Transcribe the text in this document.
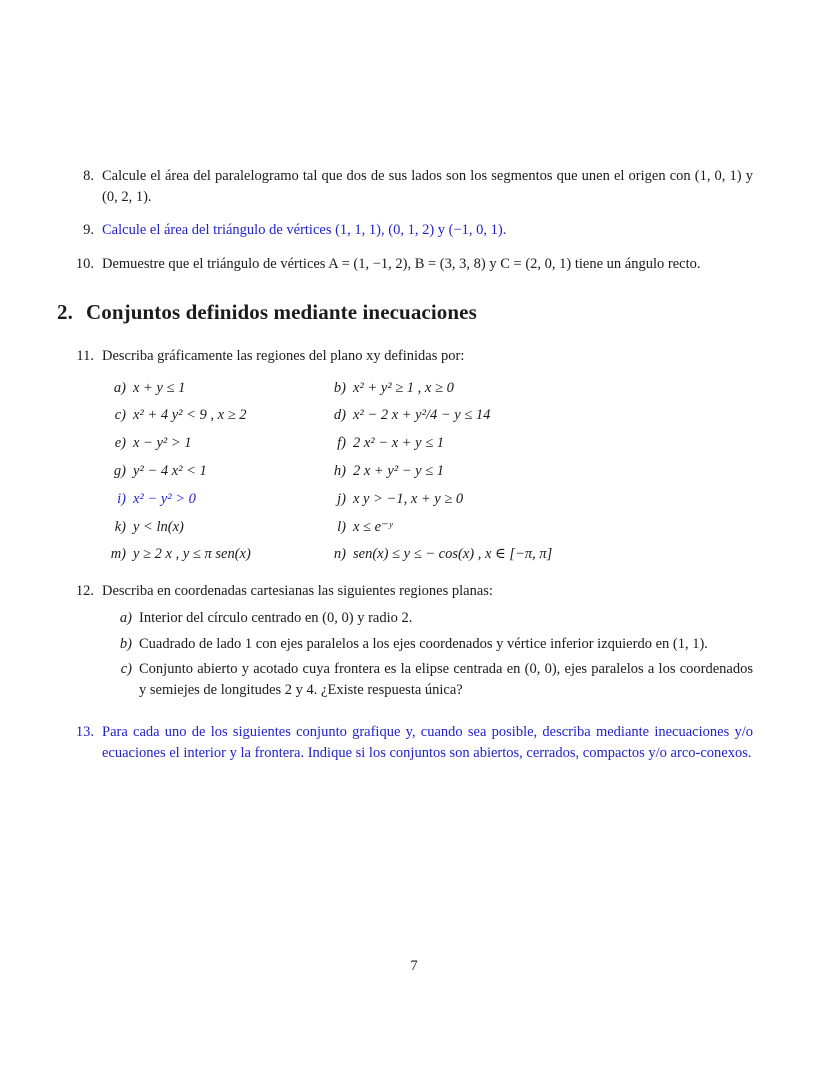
8. Calcule el área del paralelogramo tal que dos de sus lados son los segmentos que unen el origen con (1, 0, 1) y (0, 2, 1).
9. Calcule el área del triángulo de vértices (1, 1, 1), (0, 1, 2) y (−1, 0, 1).
10. Demuestre que el triángulo de vértices A = (1, −1, 2), B = (3, 3, 8) y C = (2, 0, 1) tiene un ángulo recto.
2. Conjuntos definidos mediante inecuaciones
11. Describa gráficamente las regiones del plano xy definidas por:

a) x + y ≤ 1	b) x² + y² ≥ 1 , x ≥ 0
c) x² + 4 y² < 9 , x ≥ 2	d) x² − 2 x + y²/4 − y ≤ 14
e) x − y² > 1	f) 2 x² − x + y ≤ 1
g) y² − 4 x² < 1	h) 2 x + y² − y ≤ 1
i) x² − y² > 0	j) x y > −1, x + y ≥ 0
k) y < ln(x)	l) x ≤ e⁻ʸ
m) y ≥ 2 x , y ≤ π sen(x)	n) sen(x) ≤ y ≤ − cos(x) , x ∈ [−π, π]
12. Describa en coordenadas cartesianas las siguientes regiones planas:

a) Interior del círculo centrado en (0, 0) y radio 2.
b) Cuadrado de lado 1 con ejes paralelos a los ejes coordenados y vértice inferior izquierdo en (1, 1).
c) Conjunto abierto y acotado cuya frontera es la elipse centrada en (0, 0), ejes paralelos a los coordenados y semiejes de longitudes 2 y 4. ¿Existe respuesta única?
13. Para cada uno de los siguientes conjunto grafique y, cuando sea posible, describa mediante inecuaciones y/o ecuaciones el interior y la frontera. Indique si los conjuntos son abiertos, cerrados, compactos y/o arco-conexos.
7
